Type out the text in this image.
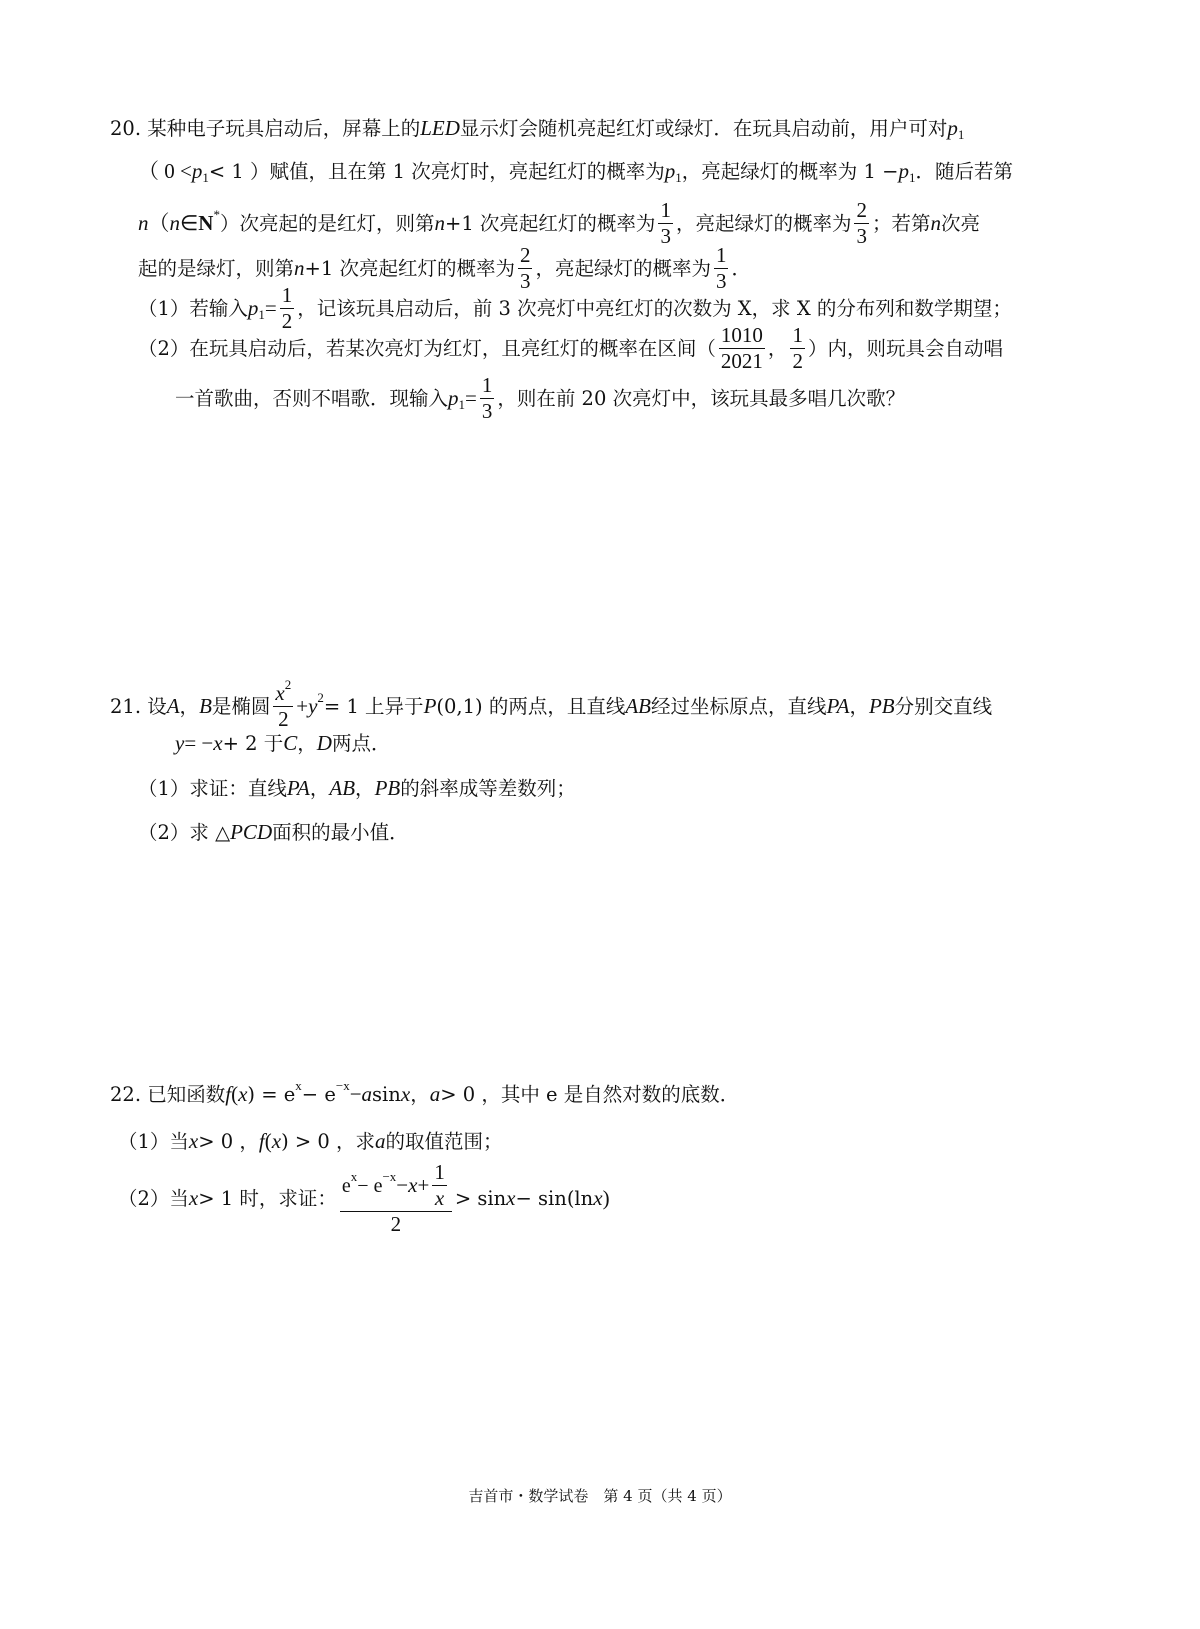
20. 某种电子玩具启动后，屏幕上的 LED 显示灯会随机亮起红灯或绿灯．在玩具启动前，用户可对 p 1
（ 0 < p 1 < 1 ）赋值，且在第 1 次亮灯时，亮起红灯的概率为 p 1 ，亮起绿灯的概率为 1 − p 1 ．随后若第
n （ n ∈ N * ）次亮起的是红灯，则第 n +1 次亮起红灯的概率为 $\frac{1}{3}$ ，亮起绿灯的概率为 $\frac{2}{3}$ ；若第 n 次亮
起的是绿灯，则第 n +1 次亮起红灯的概率为 $\frac{2}{3}$ ，亮起绿灯的概率为 $\frac{1}{3}$ ．
（1）若输入 p $1 = \frac{1}{2}$ ，记该玩具启动后，前 3 次亮灯中亮红灯的次数为 X，求 X 的分布列和数学期望；
（2）在玩具启动后，若某次亮灯为红灯，且亮红灯的概率在区间（ $\frac{1010}{2021}$ ， $\frac{1}{2}$ ）内，则玩具会自动唱
一首歌曲，否则不唱歌．现输入 p $1 = \frac{1}{3}$ ，则在前 20 次亮灯中，该玩具最多唱几次歌？
21. 设 A ， B 是椭圆 $\frac{x 2}{2} + y$ 2 = 1 上异于 P (0,1) 的两点，且直线 AB 经过坐标原点，直线 PA ， PB 分别交直线
y = − x + 2 于 C ， D 两点．
（1）求证：直线 PA ， AB ， PB 的斜率成等差数列；
（2）求 △ PCD 面积的最小值．
22. 已知函数 f ( x ) = e x − e −x − a sin x ， a > 0 ，其中 e 是自然对数的底数．
（1）当 x > 0 ， f ( x ) > 0 ，求 a 的取值范围；
（2）当 x > 1 时，求证： $\frac{e x - e -x - x + \frac{1}{x}}{2} > \sin x - \sin(\ln$ x )
吉首市・数学试卷　第 4 页（共 4 页）
